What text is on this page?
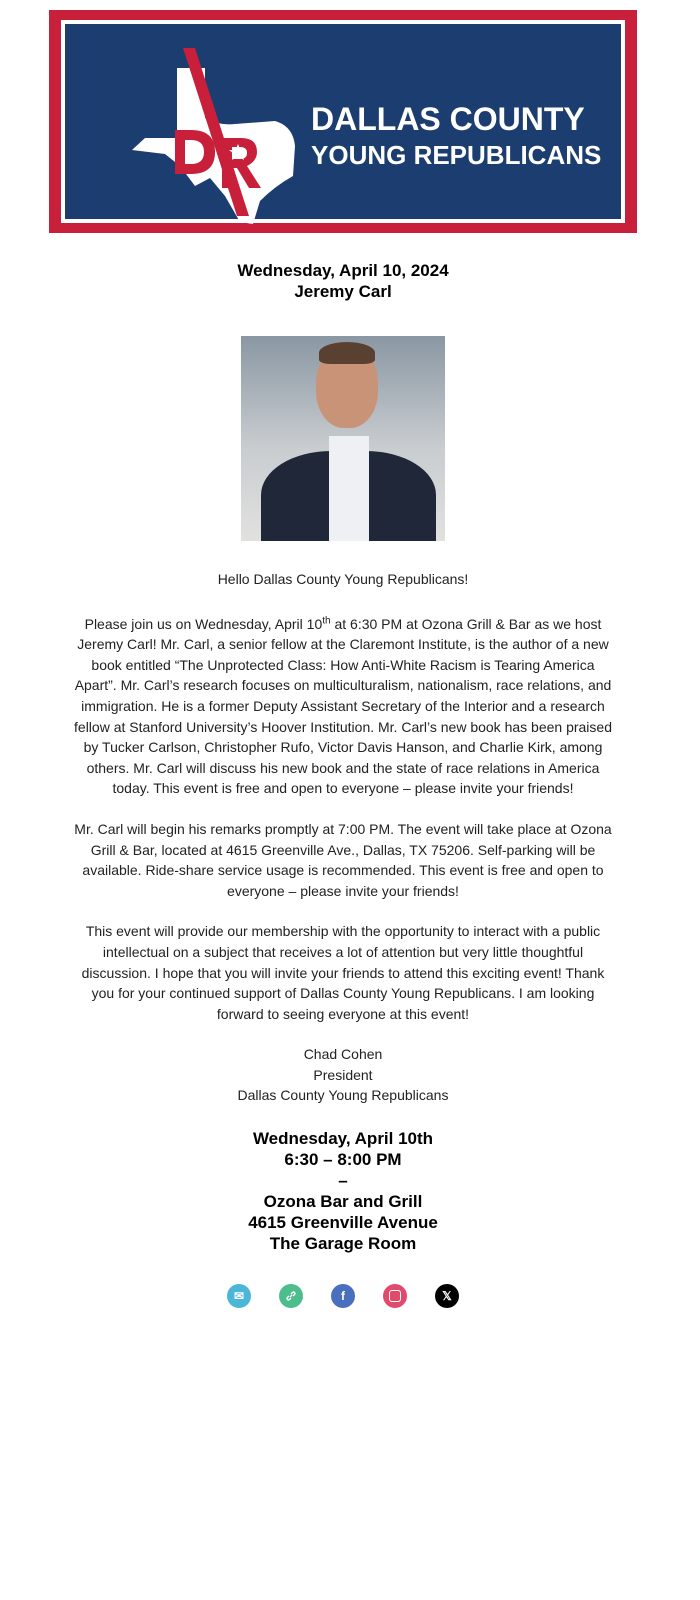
DALLAS COUNTY
YOUNG REPUBLICANS
Wednesday, April 10, 2024
Jeremy Carl
Hello Dallas County Young Republicans!
Please join us on Wednesday, April 10th at 6:30 PM at Ozona Grill & Bar as we host Jeremy Carl! Mr. Carl, a senior fellow at the Claremont Institute, is the author of a new book entitled “The Unprotected Class: How Anti-White Racism is Tearing America Apart”. Mr. Carl’s research focuses on multiculturalism, nationalism, race relations, and immigration. He is a former Deputy Assistant Secretary of the Interior and a research fellow at Stanford University’s Hoover Institution. Mr. Carl’s new book has been praised by Tucker Carlson, Christopher Rufo, Victor Davis Hanson, and Charlie Kirk, among others. Mr. Carl will discuss his new book and the state of race relations in America today. This event is free and open to everyone – please invite your friends!
Mr. Carl will begin his remarks promptly at 7:00 PM. The event will take place at Ozona Grill & Bar, located at 4615 Greenville Ave., Dallas, TX 75206. Self-parking will be available. Ride-share service usage is recommended. This event is free and open to everyone – please invite your friends!
This event will provide our membership with the opportunity to interact with a public intellectual on a subject that receives a lot of attention but very little thoughtful discussion. I hope that you will invite your friends to attend this exciting event! Thank you for your continued support of Dallas County Young Republicans. I am looking forward to seeing everyone at this event!
Chad Cohen
President
Dallas County Young Republicans
Wednesday, April 10th
6:30 – 8:00 PM
–
Ozona Bar and Grill
4615 Greenville Avenue
The Garage Room
✉	f	𝕏
